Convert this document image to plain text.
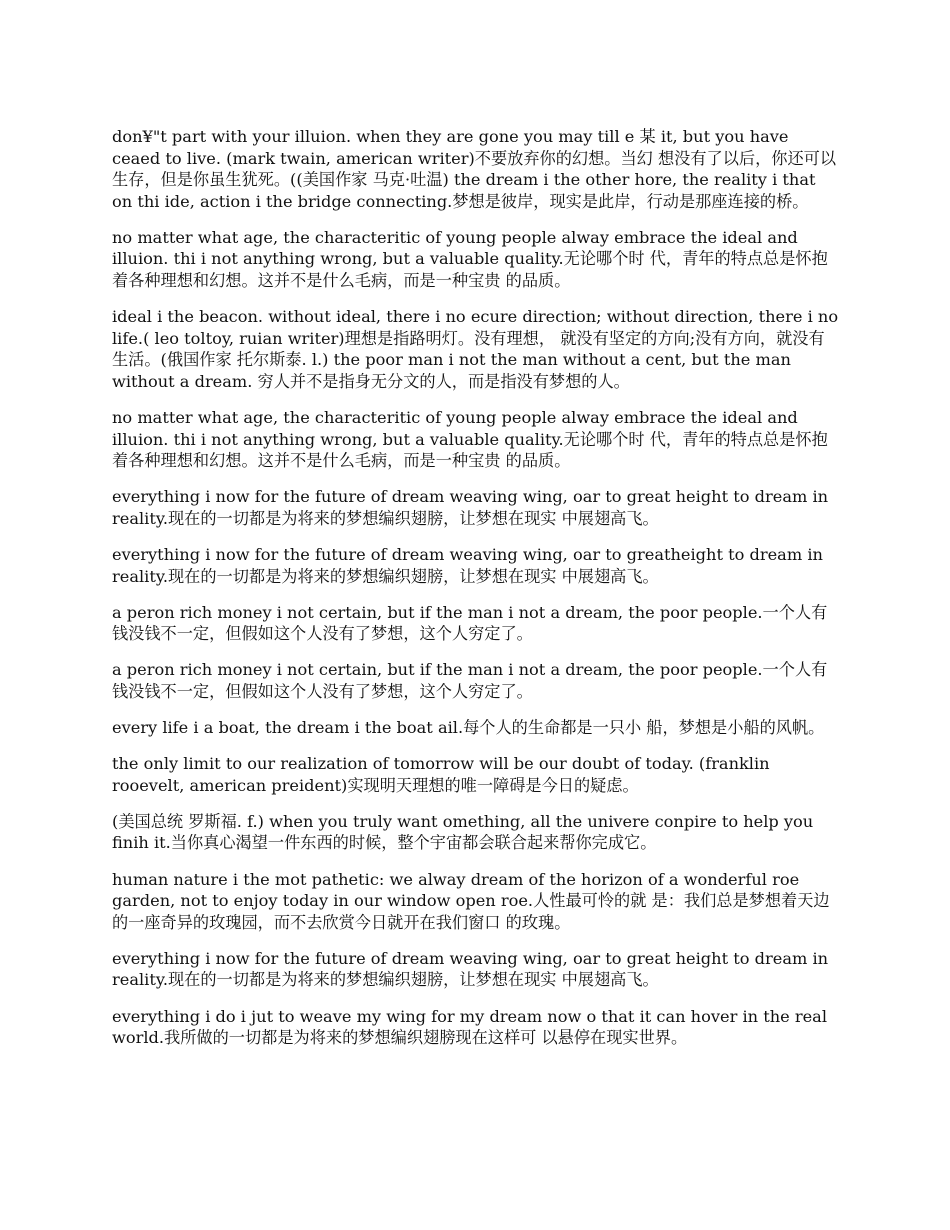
don¥"t part with your illuion. when they are gone you may till e 某 it, but you have ceaed to live. (mark twain, american writer)不要放弃你的幻想。当幻 想没有了以后，你还可以生存，但是你虽生犹死。((美国作家 马克·吐温) the dream i the other hore, the reality i that on thi ide, action i the bridge connecting.梦想是彼岸，现实是此岸，行动是那座连接的桥。

no matter what age, the characteritic of young people alway embrace the ideal and illuion. thi i not anything wrong, but a valuable quality.无论哪个时 代，青年的特点总是怀抱着各种理想和幻想。这并不是什么毛病，而是一种宝贵 的品质。

ideal i the beacon. without ideal, there i no ecure direction; without direction, there i no life.( leo toltoy, ruian writer)理想是指路明灯。没有理想， 就没有坚定的方向;没有方向，就没有生活。(俄国作家 托尔斯泰. l.) the poor man i not the man without a cent, but the man without a dream. 穷人并不是指身无分文的人，而是指没有梦想的人。

no matter what age, the characteritic of young people alway embrace the ideal and illuion. thi i not anything wrong, but a valuable quality.无论哪个时 代，青年的特点总是怀抱着各种理想和幻想。这并不是什么毛病，而是一种宝贵 的品质。

everything i now for the future of dream weaving wing, oar to great height to dream in reality.现在的一切都是为将来的梦想编织翅膀，让梦想在现实 中展翅高飞。

everything i now for the future of dream weaving wing, oar to greatheight to dream in reality.现在的一切都是为将来的梦想编织翅膀，让梦想在现实 中展翅高飞。

a peron rich money i not certain, but if the man i not a dream, the poor people.一个人有钱没钱不一定，但假如这个人没有了梦想，这个人穷定了。

a peron rich money i not certain, but if the man i not a dream, the poor people.一个人有钱没钱不一定，但假如这个人没有了梦想，这个人穷定了。

every life i a boat, the dream i the boat ail.每个人的生命都是一只小 船，梦想是小船的风帆。

the only limit to our realization of tomorrow will be our doubt of today. (franklin rooevelt, american preident)实现明天理想的唯一障碍是今日的疑虑。

(美国总统 罗斯福. f.) when you truly want omething, all the univere conpire to help you finih it.当你真心渴望一件东西的时候，整个宇宙都会联合起来帮你完成它。

human nature i the mot pathetic: we alway dream of the horizon of a wonderful roe garden, not to enjoy today in our window open roe.人性最可怜的就 是：我们总是梦想着天边的一座奇异的玫瑰园，而不去欣赏今日就开在我们窗口 的玫瑰。

everything i now for the future of dream weaving wing, oar to great height to dream in reality.现在的一切都是为将来的梦想编织翅膀，让梦想在现实 中展翅高飞。

everything i do i jut to weave my wing for my dream now o that it can hover in the real world.我所做的一切都是为将来的梦想编织翅膀现在这样可 以悬停在现实世界。
